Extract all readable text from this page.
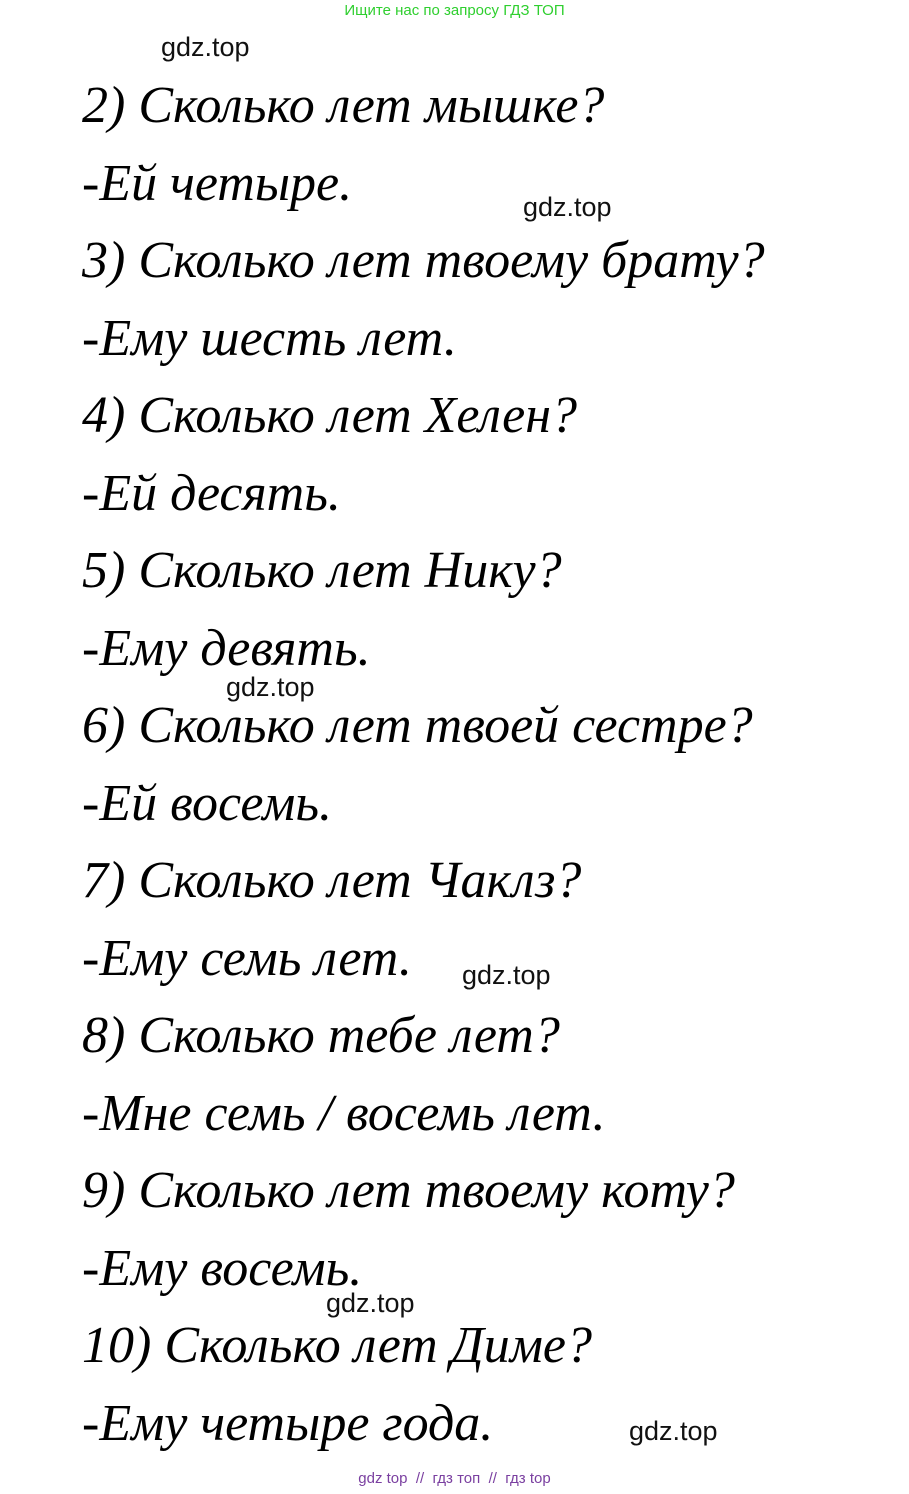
Ищите нас по запросу ГДЗ ТОП
gdz.top
gdz.top
gdz.top
gdz.top
gdz.top
gdz.top
2) Сколько лет мышке?
-Ей четыре.
3) Сколько лет твоему брату?
-Ему шесть лет.
4) Сколько лет Хелен?
-Ей десять.
5) Сколько лет Нику?
-Ему девять.
6) Сколько лет твоей сестре?
-Ей восемь.
7) Сколько лет Чаклз?
-Ему семь лет.
8) Сколько тебе лет?
-Мне семь / восемь лет.
9) Сколько лет твоему коту?
-Ему восемь.
10) Сколько лет Диме?
-Ему четыре года.
gdz top  //  гдз топ  //  гдз top
